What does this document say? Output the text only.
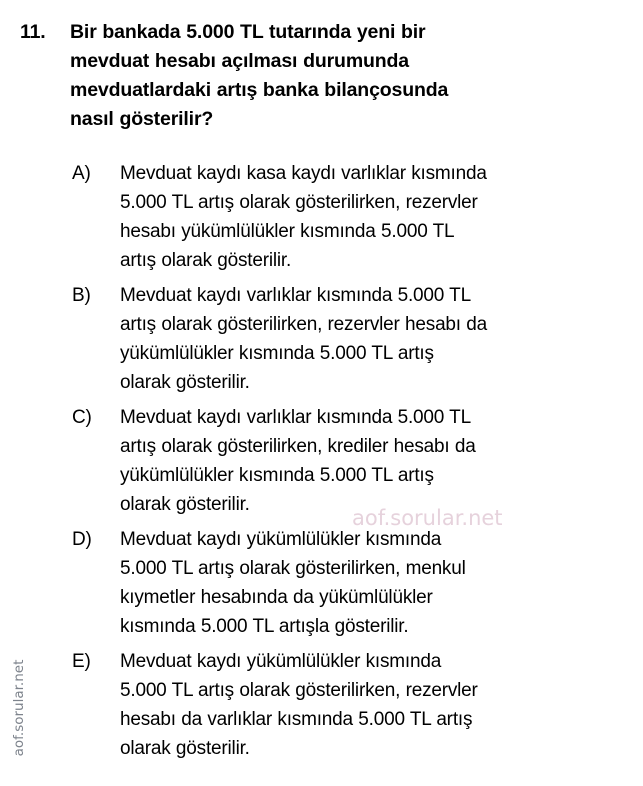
11.	Bir bankada 5.000 TL tutarında yeni bir
mevduat hesabı açılması durumunda
mevduatlardaki artış banka bilançosunda
nasıl gösterilir?
A)	Mevduat kaydı kasa kaydı varlıklar kısmında
5.000 TL artış olarak gösterilirken, rezervler
hesabı yükümlülükler kısmında 5.000 TL
artış olarak gösterilir.
B)	Mevduat kaydı varlıklar kısmında 5.000 TL
artış olarak gösterilirken, rezervler hesabı da
yükümlülükler kısmında 5.000 TL artış
olarak gösterilir.
C)	Mevduat kaydı varlıklar kısmında 5.000 TL
artış olarak gösterilirken, krediler hesabı da
yükümlülükler kısmında 5.000 TL artış
olarak gösterilir.
D)	Mevduat kaydı yükümlülükler kısmında
5.000 TL artış olarak gösterilirken, menkul
kıymetler hesabında da yükümlülükler
kısmında 5.000 TL artışla gösterilir.
E)	Mevduat kaydı yükümlülükler kısmında
5.000 TL artış olarak gösterilirken, rezervler
hesabı da varlıklar kısmında 5.000 TL artış
olarak gösterilir.
aof.sorular.net
aof.sorular.net
